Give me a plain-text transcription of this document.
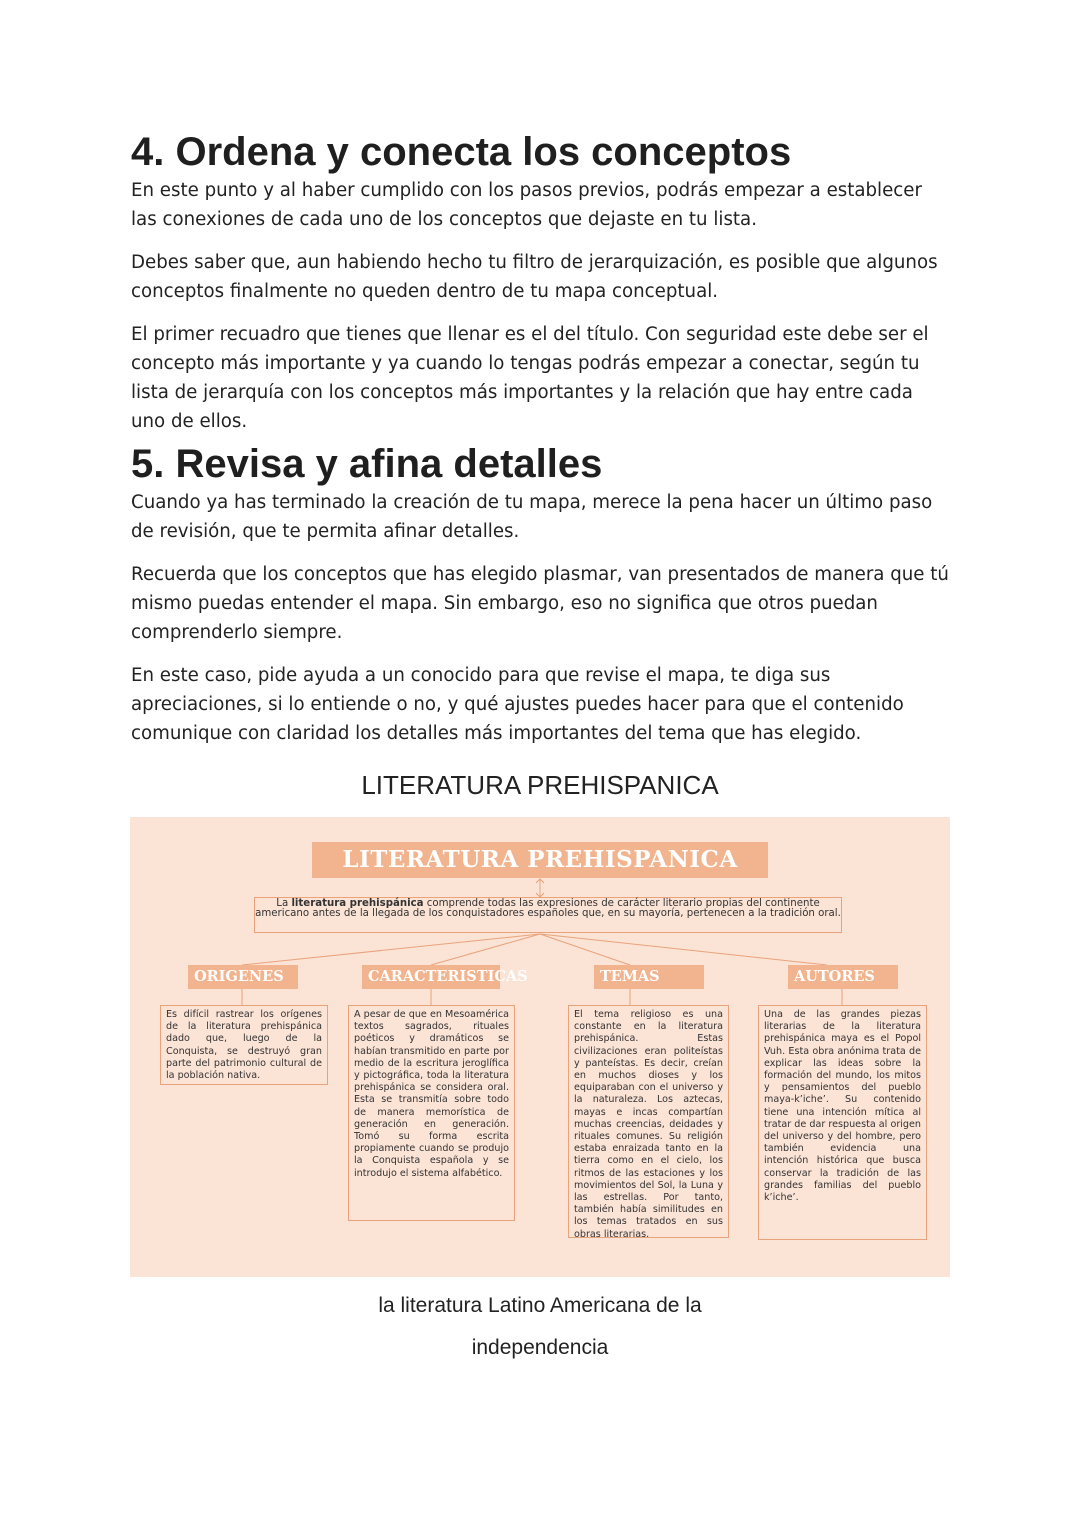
4. Ordena y conecta los conceptos

En este punto y al haber cumplido con los pasos previos, podrás empezar a establecer las conexiones de cada uno de los conceptos que dejaste en tu lista.

Debes saber que, aun habiendo hecho tu filtro de jerarquización, es posible que algunos conceptos finalmente no queden dentro de tu mapa conceptual.

El primer recuadro que tienes que llenar es el del título. Con seguridad este debe ser el concepto más importante y ya cuando lo tengas podrás empezar a conectar, según tu lista de jerarquía con los conceptos más importantes y la relación que hay entre cada uno de ellos.

5. Revisa y afina detalles

Cuando ya has terminado la creación de tu mapa, merece la pena hacer un último paso de revisión, que te permita afinar detalles.

Recuerda que los conceptos que has elegido plasmar, van presentados de manera que tú mismo puedas entender el mapa. Sin embargo, eso no significa que otros puedan comprenderlo siempre.

En este caso, pide ayuda a un conocido para que revise el mapa, te diga sus apreciaciones, si lo entiende o no, y qué ajustes puedes hacer para que el contenido comunique con claridad los detalles más importantes del tema que has elegido.

LITERATURA PREHISPANICA
LITERATURA PREHISPANICA
La literatura prehispánica comprende todas las expresiones de carácter literario propias del continente americano antes de la llegada de los conquistadores españoles que, en su mayoría, pertenecen a la tradición oral.
ORIGENES	CARACTERISTICAS	TEMAS	AUTORES

Es difícil rastrear los orígenes de la literatura prehispánica dado que, luego de la Conquista, se destruyó gran parte del patrimonio cultural de la población nativa.

A pesar de que en Mesoamérica textos sagrados, rituales poéticos y dramáticos se habían transmitido en parte por medio de la escritura jeroglífica y pictográfica, toda la literatura prehispánica se considera oral. Esta se transmitía sobre todo de manera memorística de generación en generación. Tomó su forma escrita propiamente cuando se produjo la Conquista española y se introdujo el sistema alfabético.

El tema religioso es una constante en la literatura prehispánica. Estas civilizaciones eran politeístas y panteístas. Es decir, creían en muchos dioses y los equiparaban con el universo y la naturaleza. Los aztecas, mayas e incas compartían muchas creencias, deidades y rituales comunes. Su religión estaba enraizada tanto en la tierra como en el cielo, los ritmos de las estaciones y los movimientos del Sol, la Luna y las estrellas. Por tanto, también había similitudes en los temas tratados en sus obras literarias.

Una de las grandes piezas literarias de la literatura prehispánica maya es el Popol Vuh. Esta obra anónima trata de explicar las ideas sobre la formación del mundo, los mitos y pensamientos del pueblo maya-k’iche’. Su contenido tiene una intención mítica al tratar de dar respuesta al origen del universo y del hombre, pero también evidencia una intención histórica que busca conservar la tradición de las grandes familias del pueblo k’iche’.

la literatura Latino Americana de la
independencia
